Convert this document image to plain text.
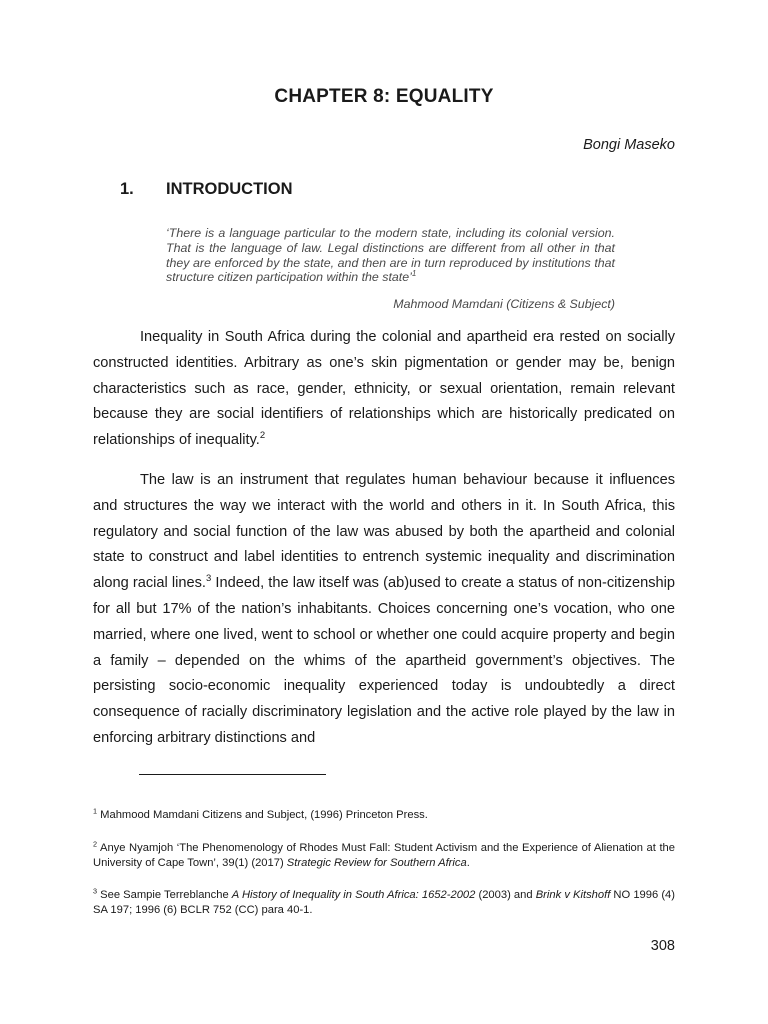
CHAPTER 8: EQUALITY
Bongi Maseko
1. INTRODUCTION
‘There is a language particular to the modern state, including its colonial version. That is the language of law. Legal distinctions are different from all other in that they are enforced by the state, and then are in turn reproduced by institutions that structure citizen participation within the state’$^1$
Mahmood Mamdani (Citizens & Subject)
Inequality in South Africa during the colonial and apartheid era rested on socially constructed identities. Arbitrary as one’s skin pigmentation or gender may be, benign characteristics such as race, gender, ethnicity, or sexual orientation, remain relevant because they are social identifiers of relationships which are historically predicated on relationships of inequality.$^2$
The law is an instrument that regulates human behaviour because it influences and structures the way we interact with the world and others in it. In South Africa, this regulatory and social function of the law was abused by both the apartheid and colonial state to construct and label identities to entrench systemic inequality and discrimination along racial lines.$^3$ Indeed, the law itself was (ab)used to create a status of non-citizenship for all but 17% of the nation’s inhabitants. Choices concerning one’s vocation, who one married, where one lived, went to school or whether one could acquire property and begin a family – depended on the whims of the apartheid government’s objectives. The persisting socio-economic inequality experienced today is undoubtedly a direct consequence of racially discriminatory legislation and the active role played by the law in enforcing arbitrary distinctions and
$^1$ Mahmood Mamdani Citizens and Subject, (1996) Princeton Press.
$^2$ Anye Nyamjoh ‘The Phenomenology of Rhodes Must Fall: Student Activism and the Experience of Alienation at the University of Cape Town’, 39(1) (2017) Strategic Review for Southern Africa.
$^3$ See Sampie Terreblanche A History of Inequality in South Africa: 1652-2002 (2003) and Brink v Kitshoff NO 1996 (4) SA 197; 1996 (6) BCLR 752 (CC) para 40-1.
308
